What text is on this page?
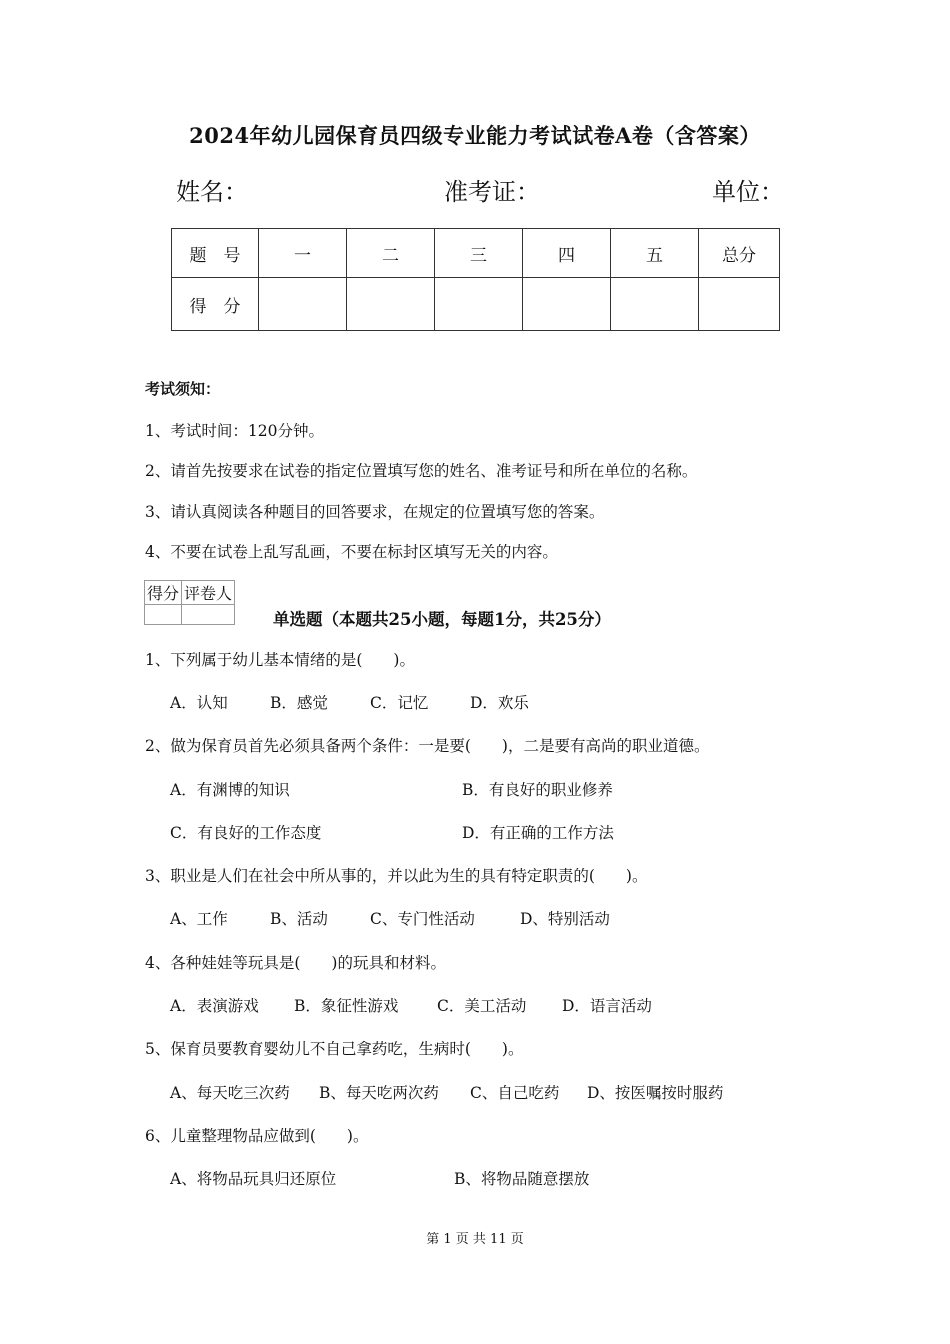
2024年幼儿园保育员四级专业能力考试试卷A卷（含答案）
姓名：	准考证：	单位：
题　号	一	二	三	四	五	总分
得　分						
考试须知：
1、考试时间：120分钟。
2、请首先按要求在试卷的指定位置填写您的姓名、准考证号和所在单位的名称。
3、请认真阅读各种题目的回答要求，在规定的位置填写您的答案。
4、不要在试卷上乱写乱画，不要在标封区填写无关的内容。
得分	评卷人

单选题（本题共25小题，每题1分，共25分）
1、下列属于幼儿基本情绪的是(　　)。
A．认知	B．感觉	C．记忆	D．欢乐
2、做为保育员首先必须具备两个条件：一是要(　　)，二是要有高尚的职业道德。
A．有渊博的知识	B．有良好的职业修养
C．有良好的工作态度	D．有正确的工作方法
3、职业是人们在社会中所从事的，并以此为生的具有特定职责的(　　)。
A、工作	B、活动	C、专门性活动	D、特别活动
4、各种娃娃等玩具是(　　)的玩具和材料。
A．表演游戏 B．象征性游戏 C．美工活动 D．语言活动
5、保育员要教育婴幼儿不自己拿药吃，生病时(　　)。
A、每天吃三次药 B、每天吃两次药 C、自己吃药 D、按医嘱按时服药
6、儿童整理物品应做到(　　)。
A、将物品玩具归还原位	B、将物品随意摆放
第 1 页 共 11 页
